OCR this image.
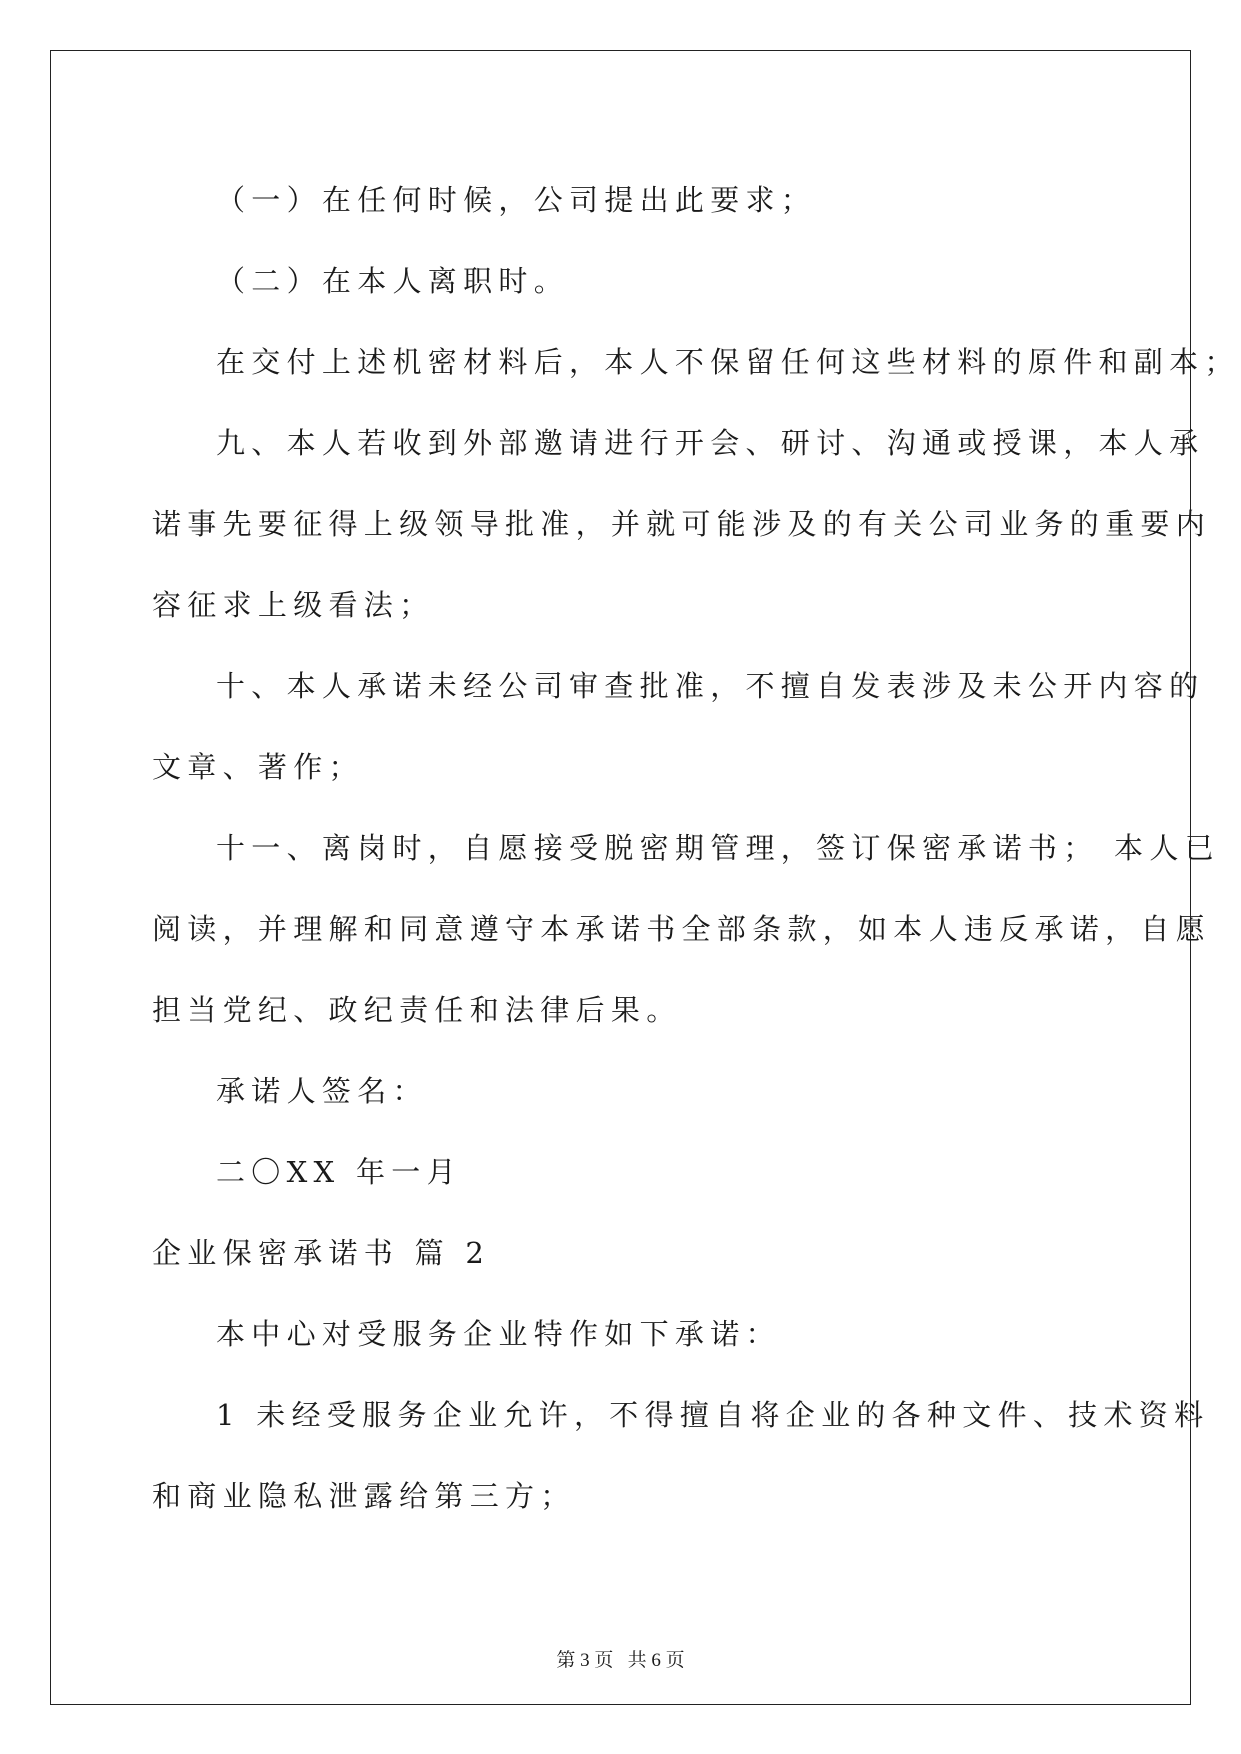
（一）在任何时候，公司提出此要求；
（二）在本人离职时。
在交付上述机密材料后，本人不保留任何这些材料的原件和副本；
九、本人若收到外部邀请进行开会、研讨、沟通或授课，本人承
诺事先要征得上级领导批准，并就可能涉及的有关公司业务的重要内
容征求上级看法；
十、本人承诺未经公司审查批准，不擅自发表涉及未公开内容的
文章、著作；
十一、离岗时，自愿接受脱密期管理，签订保密承诺书； 本人已
阅读，并理解和同意遵守本承诺书全部条款，如本人违反承诺，自愿
担当党纪、政纪责任和法律后果。
承诺人签名：
二〇XX 年一月
企业保密承诺书 篇 2
本中心对受服务企业特作如下承诺：
1 未经受服务企业允许，不得擅自将企业的各种文件、技术资料
和商业隐私泄露给第三方；
第 3 页 共 6 页
